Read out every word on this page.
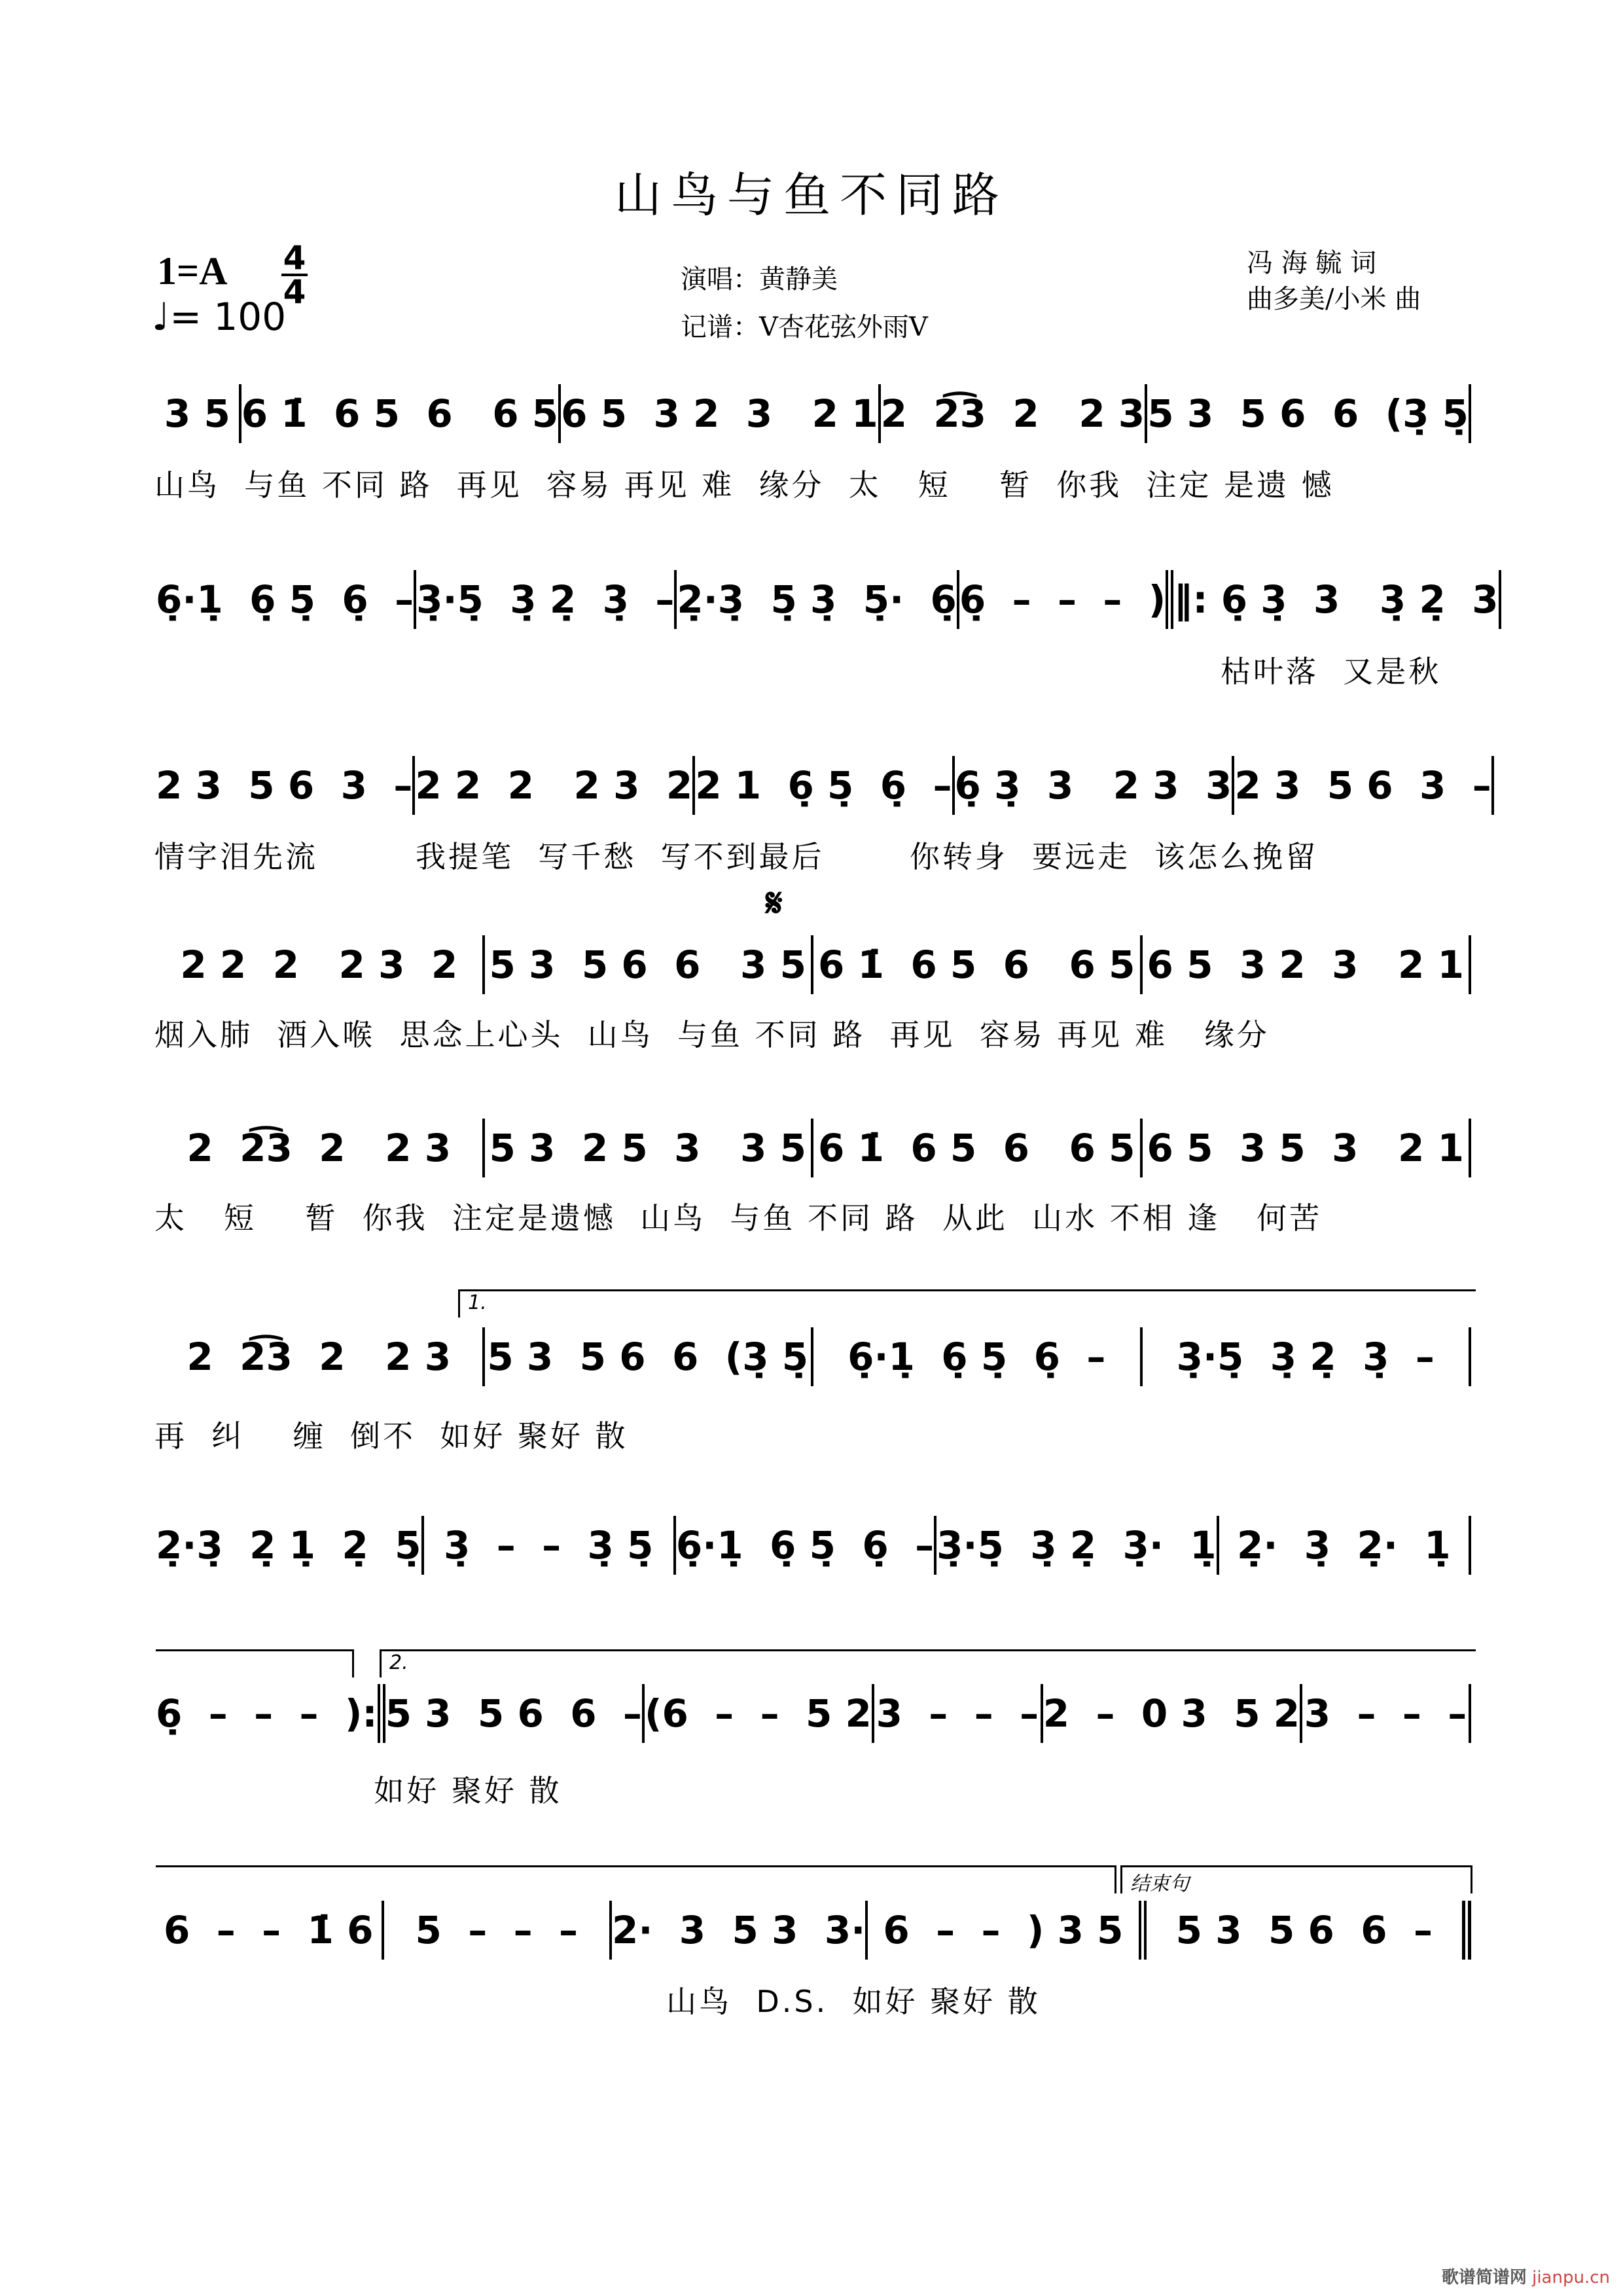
山鸟与鱼不同路
1=A 4
4
♩= 100
演唱：黄静美
记谱：V杏花弦外雨V
冯 海 毓 词
曲多美/小米 曲
3 5 6 1̇  6 5  6   6 5 6 5  3 2  3   2 1 2  2͡3  2   2 3 5 3  5 6  6  (3̣ 5̣
山鸟  与鱼 不同 路  再见  容易 再见 难  缘分  太   短    暂  你我  注定 是遗 憾
6̣·1̣  6̣ 5̣  6̣  – 3̣·5̣  3̣ 2̣  3̣  – 2̣·3̣  5̣ 3̣  5̣·  6̣ 6̣  –  –  –  ) ‖: 6̣ 3̣  3   3̣ 2̣  3
枯叶落  又是秋
2 3  5 6  3  – 2 2  2   2 3  2 2 1  6̣ 5̣  6̣  – 6̣ 3̣  3   2 3  3 2 3  5 6  3  –
情字泪先流        我提笔  写千愁  写不到最后       你转身  要远走  该怎么挽留
𝄋
2 2  2   2 3  2 5 3  5 6  6   3 5 6 1̇  6 5  6   6 5 6 5  3 2  3   2 1
烟入肺  酒入喉  思念上心头  山鸟  与鱼 不同 路  再见  容易 再见 难   缘分
2  2͡3  2   2 3	5 3  2 5  3   3 5 6 1̇  6 5  6   6 5 6 5  3 5  3   2 1
太   短    暂  你我  注定是遗憾  山鸟  与鱼 不同 路  从此  山水 不相 逢   何苦
1.
2  2͡3  2   2 3 5 3  5 6  6  (3̣ 5̣	6̣·1̣  6̣ 5̣  6̣  –	3̣·5̣  3̣ 2̣  3̣  –
再  纠    缠  倒不  如好 聚好 散
2̣·3̣  2̣ 1̣  2̣  5̣ 3̣  –  –  3̣ 5̣ 6̣·1̣  6̣ 5̣  6̣  – 3̣·5̣  3̣ 2̣  3̣·  1̣ 2̣·  3̣  2̣·  1̣
2.
6̣  –  –  –  ): 5 3  5 6  6  – (6  –  –  5 2 3  –  –  – 2  –  0 3  5 2 3  –  –  –
如好 聚好 散
结束句
6  –  –  1̇ 6	5  –  –  – 2·  3  5 3  3· 6  –  –  ) 3 5	5 3  5 6  6  –
山鸟  D.S.  如好 聚好 散
歌谱简谱网 jianpu.cn
